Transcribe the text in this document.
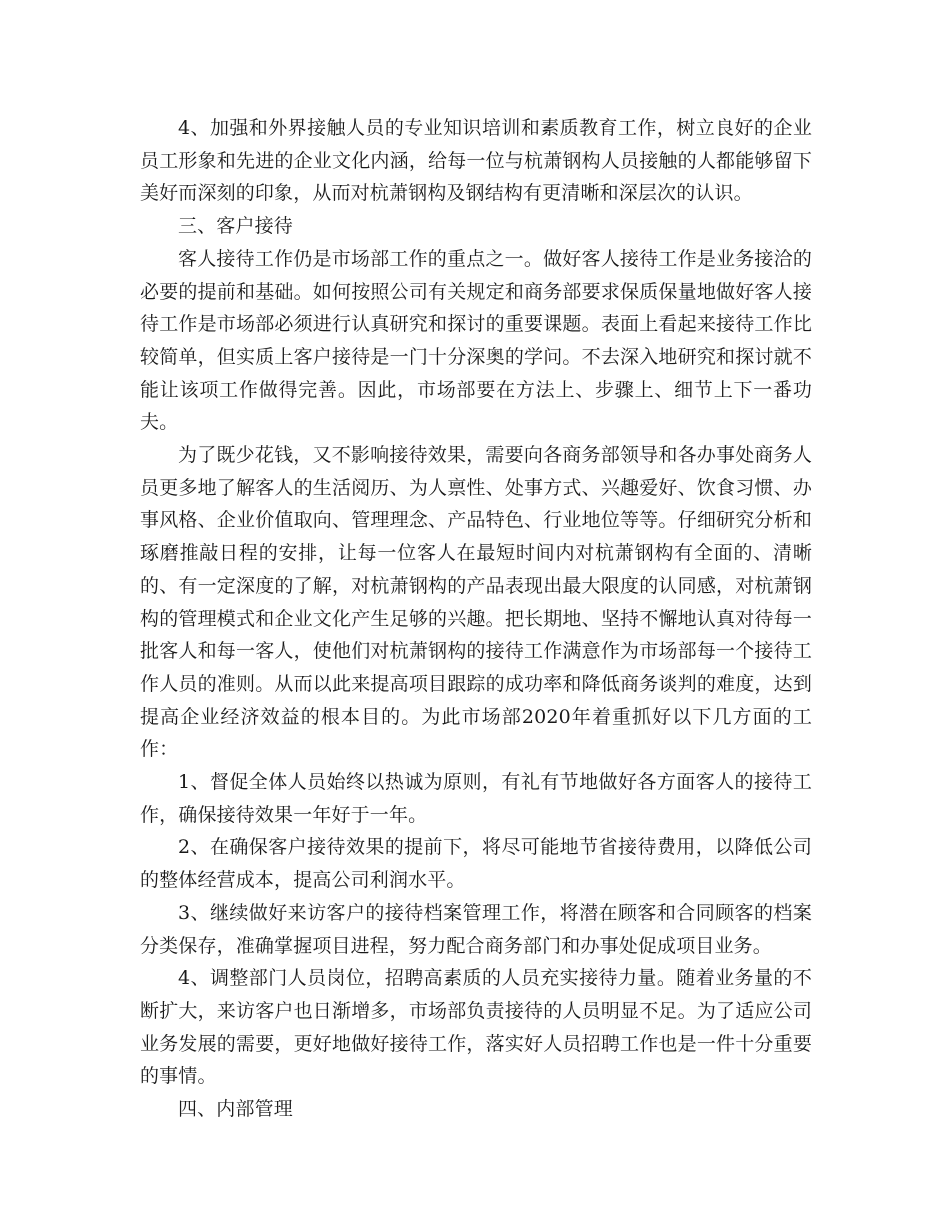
4、加强和外界接触人员的专业知识培训和素质教育工作，树立良好的企业员工形象和先进的企业文化内涵，给每一位与杭萧钢构人员接触的人都能够留下美好而深刻的印象，从而对杭萧钢构及钢结构有更清晰和深层次的认识。

三、客户接待

客人接待工作仍是市场部工作的重点之一。做好客人接待工作是业务接洽的必要的提前和基础。如何按照公司有关规定和商务部要求保质保量地做好客人接待工作是市场部必须进行认真研究和探讨的重要课题。表面上看起来接待工作比较简单，但实质上客户接待是一门十分深奥的学问。不去深入地研究和探讨就不能让该项工作做得完善。因此，市场部要在方法上、步骤上、细节上下一番功夫。

为了既少花钱，又不影响接待效果，需要向各商务部领导和各办事处商务人员更多地了解客人的生活阅历、为人禀性、处事方式、兴趣爱好、饮食习惯、办事风格、企业价值取向、管理理念、产品特色、行业地位等等。仔细研究分析和琢磨推敲日程的安排，让每一位客人在最短时间内对杭萧钢构有全面的、清晰的、有一定深度的了解，对杭萧钢构的产品表现出最大限度的认同感，对杭萧钢构的管理模式和企业文化产生足够的兴趣。把长期地、坚持不懈地认真对待每一批客人和每一客人，使他们对杭萧钢构的接待工作满意作为市场部每一个接待工作人员的准则。从而以此来提高项目跟踪的成功率和降低商务谈判的难度，达到提高企业经济效益的根本目的。为此市场部2020年着重抓好以下几方面的工作：

1、督促全体人员始终以热诚为原则，有礼有节地做好各方面客人的接待工作，确保接待效果一年好于一年。

2、在确保客户接待效果的提前下，将尽可能地节省接待费用，以降低公司的整体经营成本，提高公司利润水平。

3、继续做好来访客户的接待档案管理工作，将潜在顾客和合同顾客的档案分类保存，准确掌握项目进程，努力配合商务部门和办事处促成项目业务。

4、调整部门人员岗位，招聘高素质的人员充实接待力量。随着业务量的不断扩大，来访客户也日渐增多，市场部负责接待的人员明显不足。为了适应公司业务发展的需要，更好地做好接待工作，落实好人员招聘工作也是一件十分重要的事情。

四、内部管理
